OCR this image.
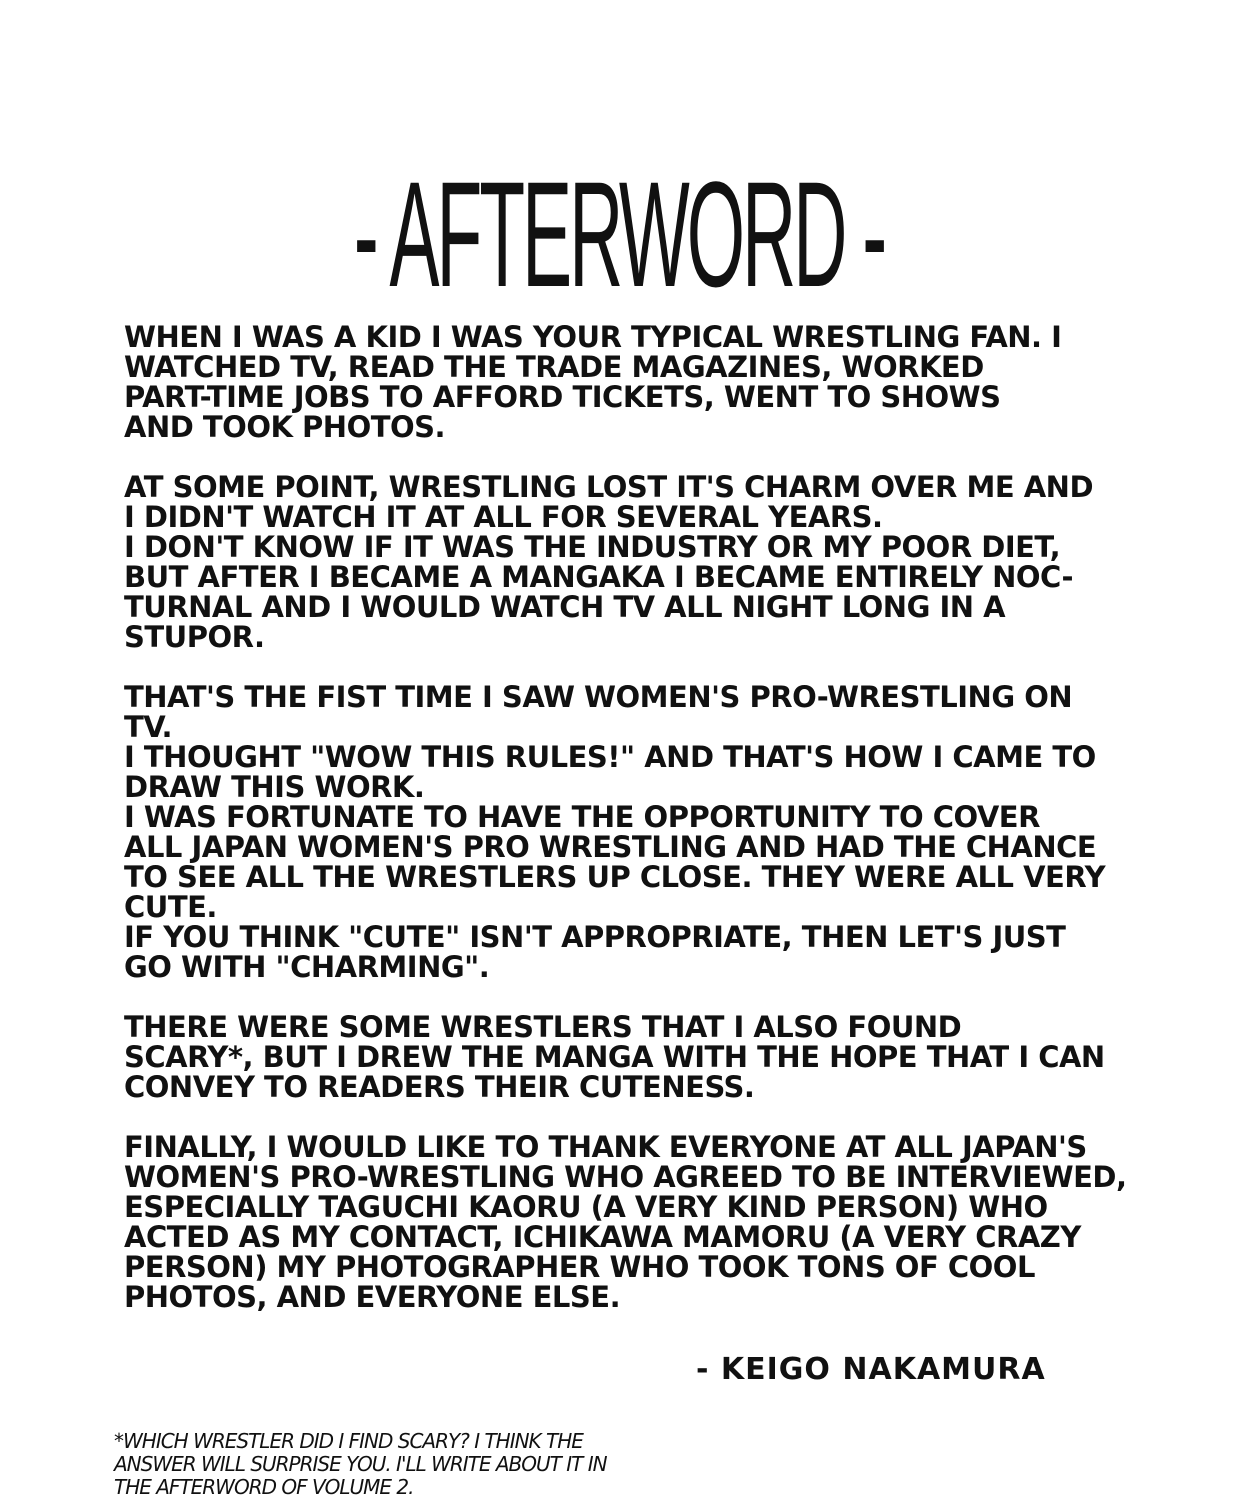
- AFTERWORD -

WHEN I WAS A KID I WAS YOUR TYPICAL WRESTLING FAN. I
WATCHED TV, READ THE TRADE MAGAZINES, WORKED
PART-TIME JOBS TO AFFORD TICKETS, WENT TO SHOWS
AND TOOK PHOTOS.

AT SOME POINT, WRESTLING LOST IT'S CHARM OVER ME AND
I DIDN'T WATCH IT AT ALL FOR SEVERAL YEARS.
I DON'T KNOW IF IT WAS THE INDUSTRY OR MY POOR DIET,
BUT AFTER I BECAME A MANGAKA I BECAME ENTIRELY NOC-
TURNAL AND I WOULD WATCH TV ALL NIGHT LONG IN A
STUPOR.

THAT'S THE FIST TIME I SAW WOMEN'S PRO-WRESTLING ON
TV.
I THOUGHT "WOW THIS RULES!" AND THAT'S HOW I CAME TO
DRAW THIS WORK.
I WAS FORTUNATE TO HAVE THE OPPORTUNITY TO COVER
ALL JAPAN WOMEN'S PRO WRESTLING AND HAD THE CHANCE
TO SEE ALL THE WRESTLERS UP CLOSE. THEY WERE ALL VERY
CUTE.
IF YOU THINK "CUTE" ISN'T APPROPRIATE, THEN LET'S JUST
GO WITH "CHARMING".

THERE WERE SOME WRESTLERS THAT I ALSO FOUND
SCARY*, BUT I DREW THE MANGA WITH THE HOPE THAT I CAN
CONVEY TO READERS THEIR CUTENESS.

FINALLY, I WOULD LIKE TO THANK EVERYONE AT ALL JAPAN'S
WOMEN'S PRO-WRESTLING WHO AGREED TO BE INTERVIEWED,
ESPECIALLY TAGUCHI KAORU (A VERY KIND PERSON) WHO
ACTED AS MY CONTACT, ICHIKAWA MAMORU (A VERY CRAZY
PERSON) MY PHOTOGRAPHER WHO TOOK TONS OF COOL
PHOTOS, AND EVERYONE ELSE.

- KEIGO NAKAMURA
*WHICH WRESTLER DID I FIND SCARY? I THINK THE
ANSWER WILL SURPRISE YOU. I'LL WRITE ABOUT IT IN
THE AFTERWORD OF VOLUME 2.
